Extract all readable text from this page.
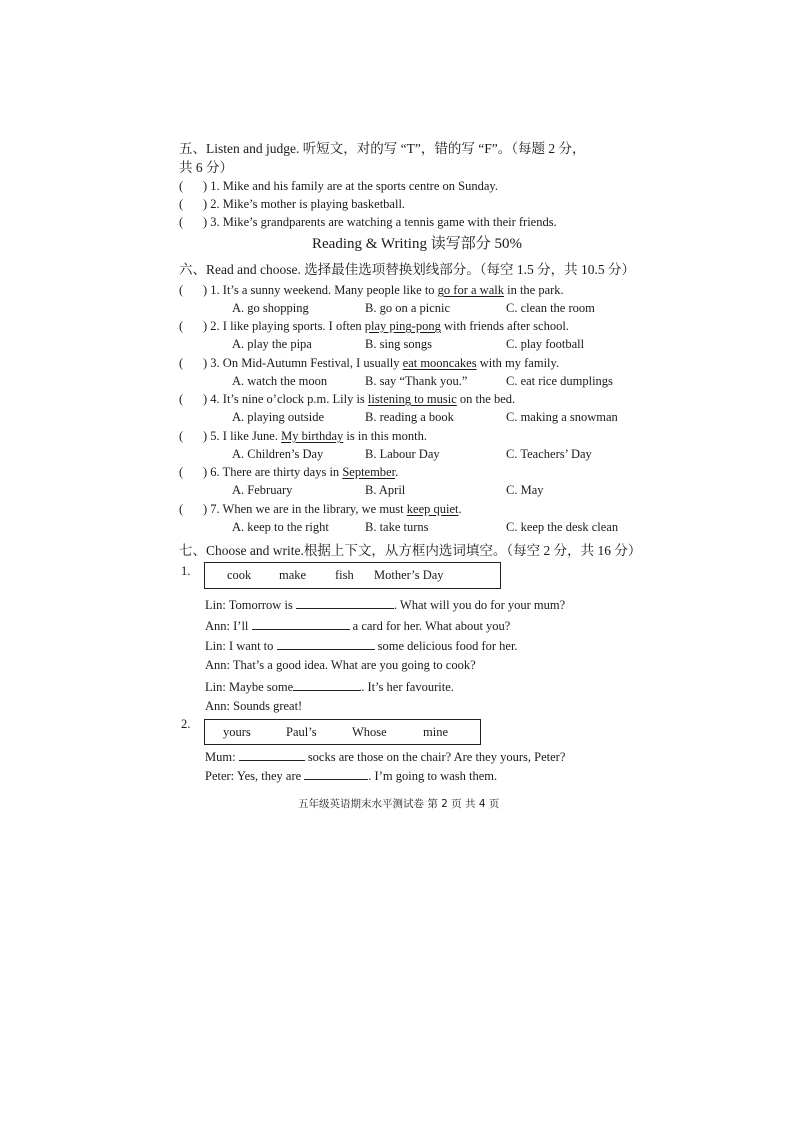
五、Listen and judge. 听短文，对的写 “T”，错的写 “F”。（每题 2 分，
共 6 分）
( ) 1. Mike and his family are at the sports centre on Sunday.
( ) 2. Mike’s mother is playing basketball.
( ) 3. Mike’s grandparents are watching a tennis game with their friends.
Reading & Writing 读写部分 50%
六、Read and choose. 选择最佳选项替换划线部分。（每空 1.5 分，共 10.5 分）
( ) 1. It’s a sunny weekend. Many people like to go for a walk in the park.
A. go shopping	B. go on a picnic	C. clean the room
( ) 2. I like playing sports. I often play ping-pong with friends after school.
A. play the pipa	B. sing songs	C. play football
( ) 3. On Mid-Autumn Festival, I usually eat mooncakes with my family.
A. watch the moon	B. say “Thank you.”	C. eat rice dumplings
( ) 4. It’s nine o’clock p.m. Lily is listening to music on the bed.
A. playing outside	B. reading a book	C. making a snowman
( ) 5. I like June. My birthday is in this month.
A. Children’s Day	B. Labour Day	C. Teachers’ Day
( ) 6. There are thirty days in September.
A. February	B. April	C. May
( ) 7. When we are in the library, we must keep quiet.
A. keep to the right	B. take turns	C. keep the desk clean
七、Choose and write.根据上下文，从方框内选词填空。（每空 2 分，共 16 分）
1.	cook make fish Mother’s Day
Lin: Tomorrow is	. What will you do for your mum?
Ann: I’ll	a card for her. What about you?
Lin: I want to	some delicious food for her.
Ann: That’s a good idea. What are you going to cook?
Lin: Maybe some	. It’s her favourite.
Ann: Sounds great!
2.
yours	Paul’s	Whose	mine
Mum:	socks are those on the chair? Are they yours, Peter?
Peter: Yes, they are	. I’m going to wash them.
五年级英语期末水平测试卷 第 2 页 共 4 页
